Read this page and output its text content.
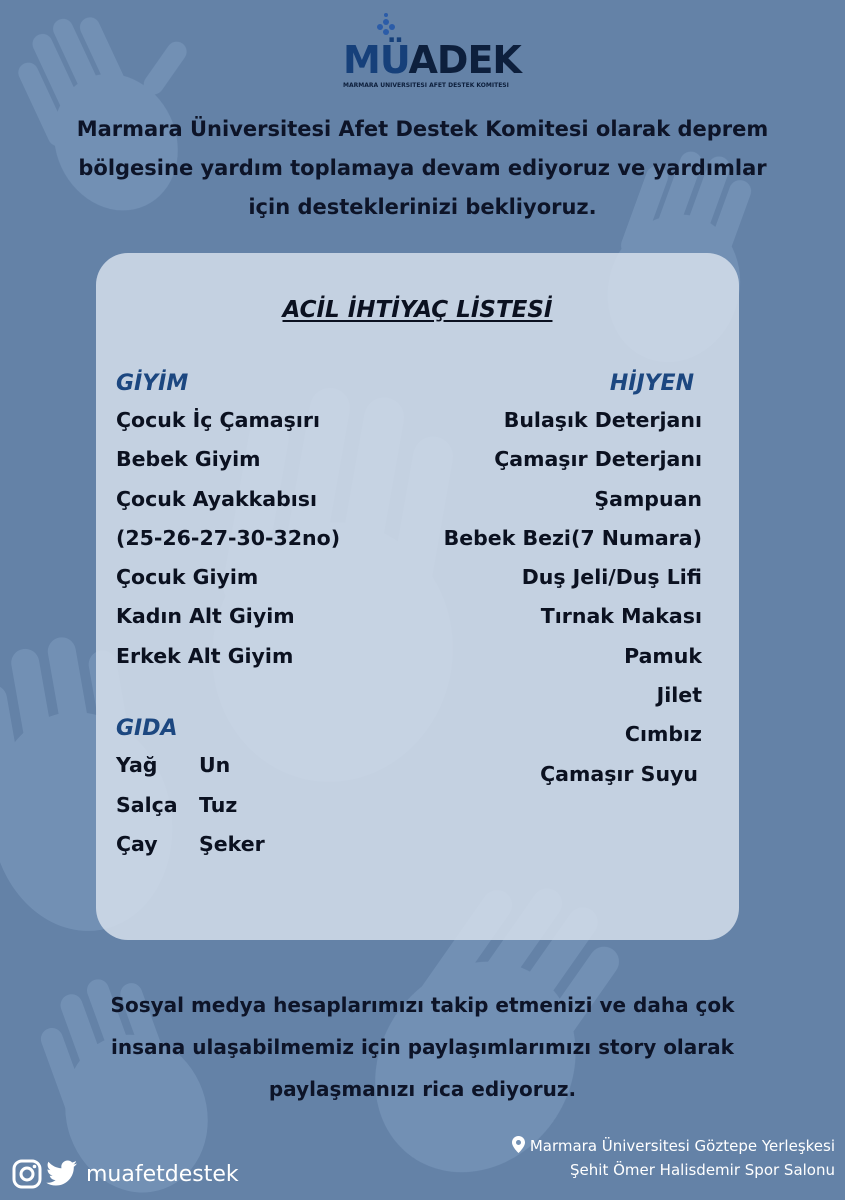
MÜADEK
MARMARA ÜNİVERSİTESİ AFET DESTEK KOMİTESİ
Marmara Üniversitesi Afet Destek Komitesi olarak deprem
bölgesine yardım toplamaya devam ediyoruz ve yardımlar
için desteklerinizi bekliyoruz.
ACİL İHTİYAÇ LİSTESİ
GİYİM
Çocuk İç Çamaşırı
Bebek Giyim
Çocuk Ayakkabısı
(25-26-27-30-32no)
Çocuk Giyim
Kadın Alt Giyim
Erkek Alt Giyim
GIDA
Yağ	Un
Salça	Tuz
Çay	Şeker
HİJYEN
Bulaşık Deterjanı
Çamaşır Deterjanı
Şampuan
Bebek Bezi(7 Numara)
Duş Jeli/Duş Lifi
Tırnak Makası
Pamuk
Jilet
Cımbız
Çamaşır Suyu
Sosyal medya hesaplarımızı takip etmenizi ve daha çok
insana ulaşabilmemiz için paylaşımlarımızı story olarak
paylaşmanızı rica ediyoruz.
muafetdestek
Marmara Üniversitesi Göztepe Yerleşkesi
Şehit Ömer Halisdemir Spor Salonu
